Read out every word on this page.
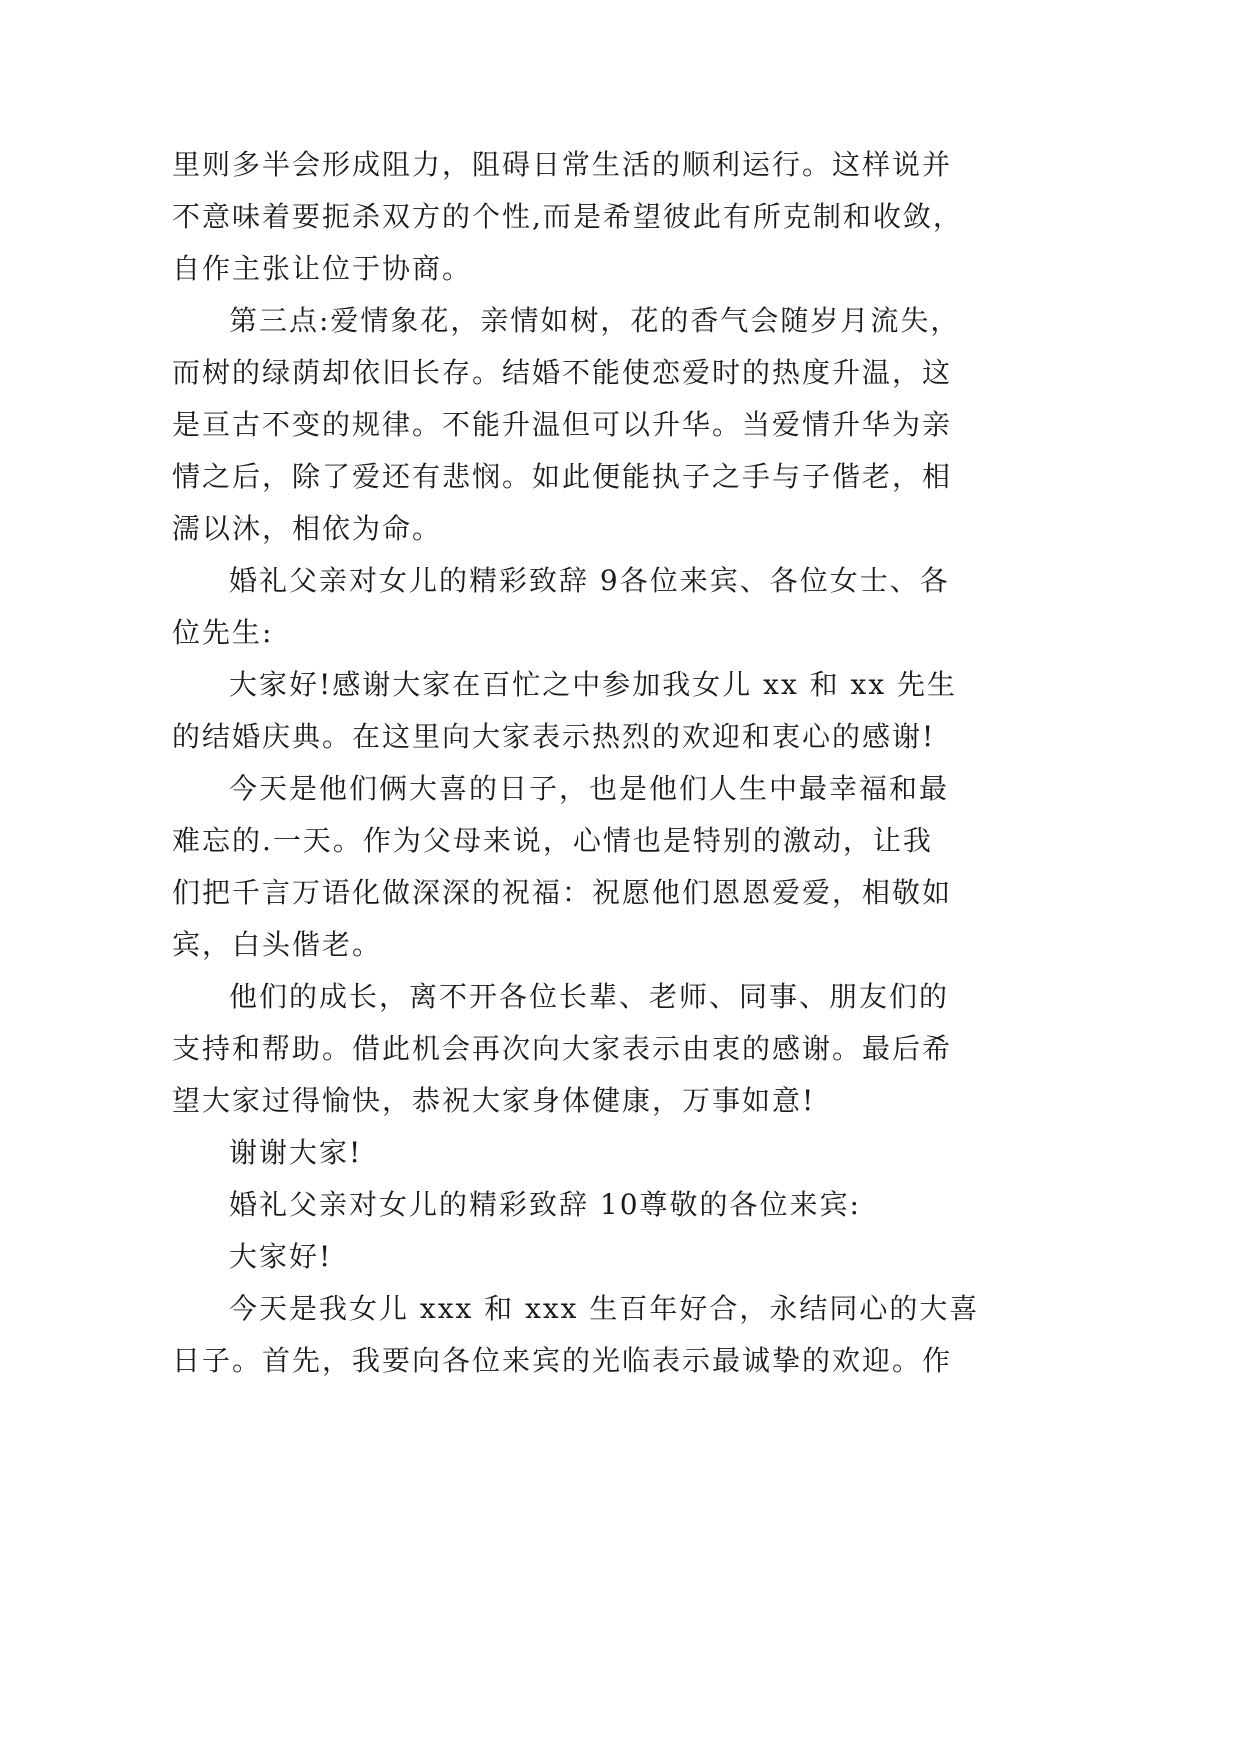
里则多半会形成阻力，阻碍日常生活的顺利运行。这样说并
不意味着要扼杀双方的个性,而是希望彼此有所克制和收敛，
自作主张让位于协商。
第三点:爱情象花，亲情如树，花的香气会随岁月流失，
而树的绿荫却依旧长存。结婚不能使恋爱时的热度升温，这
是亘古不变的规律。不能升温但可以升华。当爱情升华为亲
情之后，除了爱还有悲悯。如此便能执子之手与子偕老，相
濡以沐，相依为命。
婚礼父亲对女儿的精彩致辞 9各位来宾、各位女士、各
位先生:
大家好!感谢大家在百忙之中参加我女儿 xx 和 xx 先生
的结婚庆典。在这里向大家表示热烈的欢迎和衷心的感谢!
今天是他们俩大喜的日子，也是他们人生中最幸福和最
难忘的.一天。作为父母来说，心情也是特别的激动，让我
们把千言万语化做深深的祝福：祝愿他们恩恩爱爱，相敬如
宾，白头偕老。
他们的成长，离不开各位长辈、老师、同事、朋友们的
支持和帮助。借此机会再次向大家表示由衷的感谢。最后希
望大家过得愉快，恭祝大家身体健康，万事如意!
谢谢大家!
婚礼父亲对女儿的精彩致辞 10尊敬的各位来宾:
大家好!
今天是我女儿 xxx 和 xxx 生百年好合，永结同心的大喜
日子。首先，我要向各位来宾的光临表示最诚挚的欢迎。作
